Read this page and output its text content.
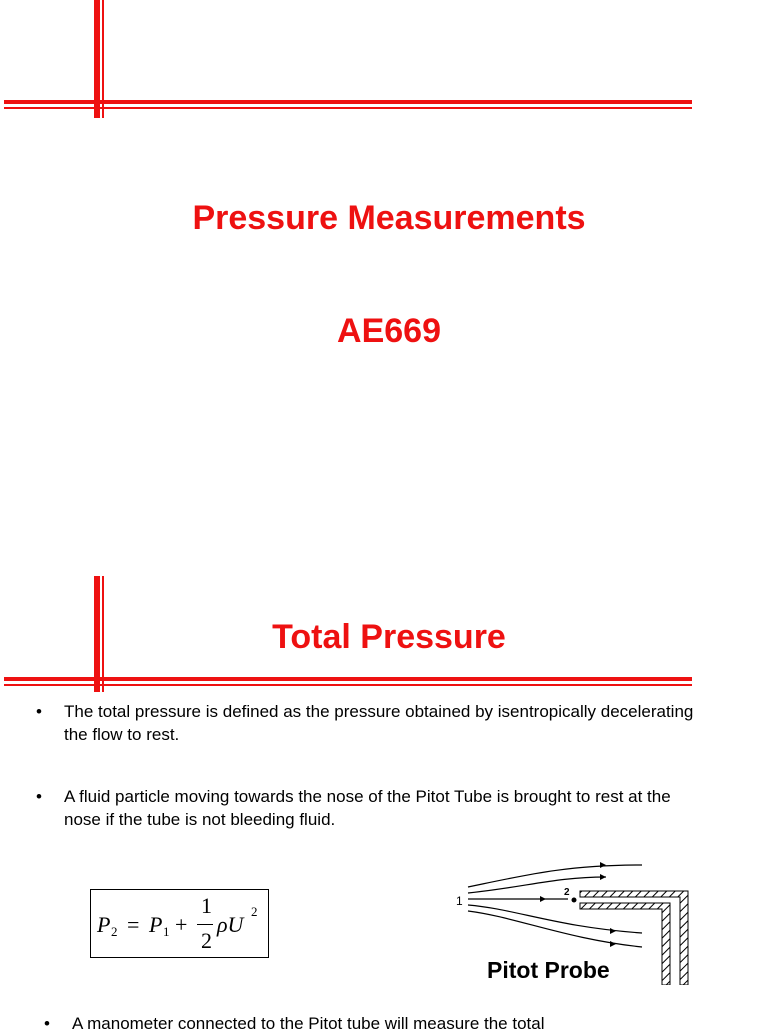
Pressure Measurements
AE669
Total Pressure
•	The total pressure is defined as the pressure obtained by isentropically decelerating the flow to rest.
•	A fluid particle moving towards the nose of the Pitot Tube is brought to rest at the nose if the tube is not bleeding fluid.
P 2 = P 1 +
1
2
ρU
2
1
2
Pitot Probe
•	A manometer connected to the Pitot tube will measure the total
